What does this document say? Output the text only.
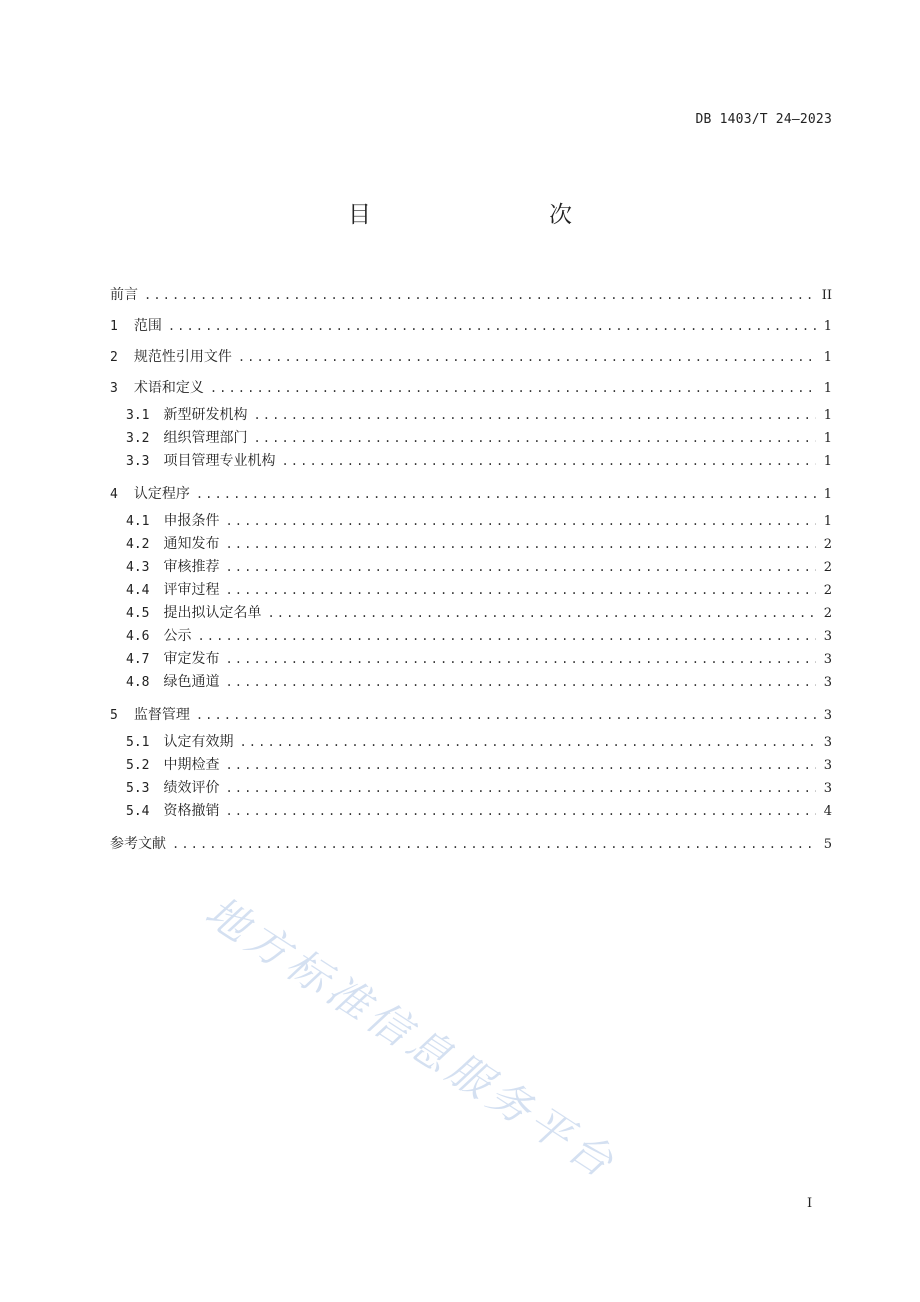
DB 1403/T 24—2023
目　　次
前言 .....	II
1 范围 .....	1
2 规范性引用文件 .....	1
3 术语和定义 .....	1
3.1 新型研发机构 .....	1
3.2 组织管理部门 .....	1
3.3 项目管理专业机构 .....	1
4 认定程序 .....	1
4.1 申报条件 .....	1
4.2 通知发布 .....	2
4.3 审核推荐 .....	2
4.4 评审过程 .....	2
4.5 提出拟认定名单 .....	2
4.6 公示 .....	3
4.7 审定发布 .....	3
4.8 绿色通道 .....	3
5 监督管理 .....	3
5.1 认定有效期 .....	3
5.2 中期检查 .....	3
5.3 绩效评价 .....	3
5.4 资格撤销 .....	4
参考文献 .....	5
地方标准信息服务平台
I
